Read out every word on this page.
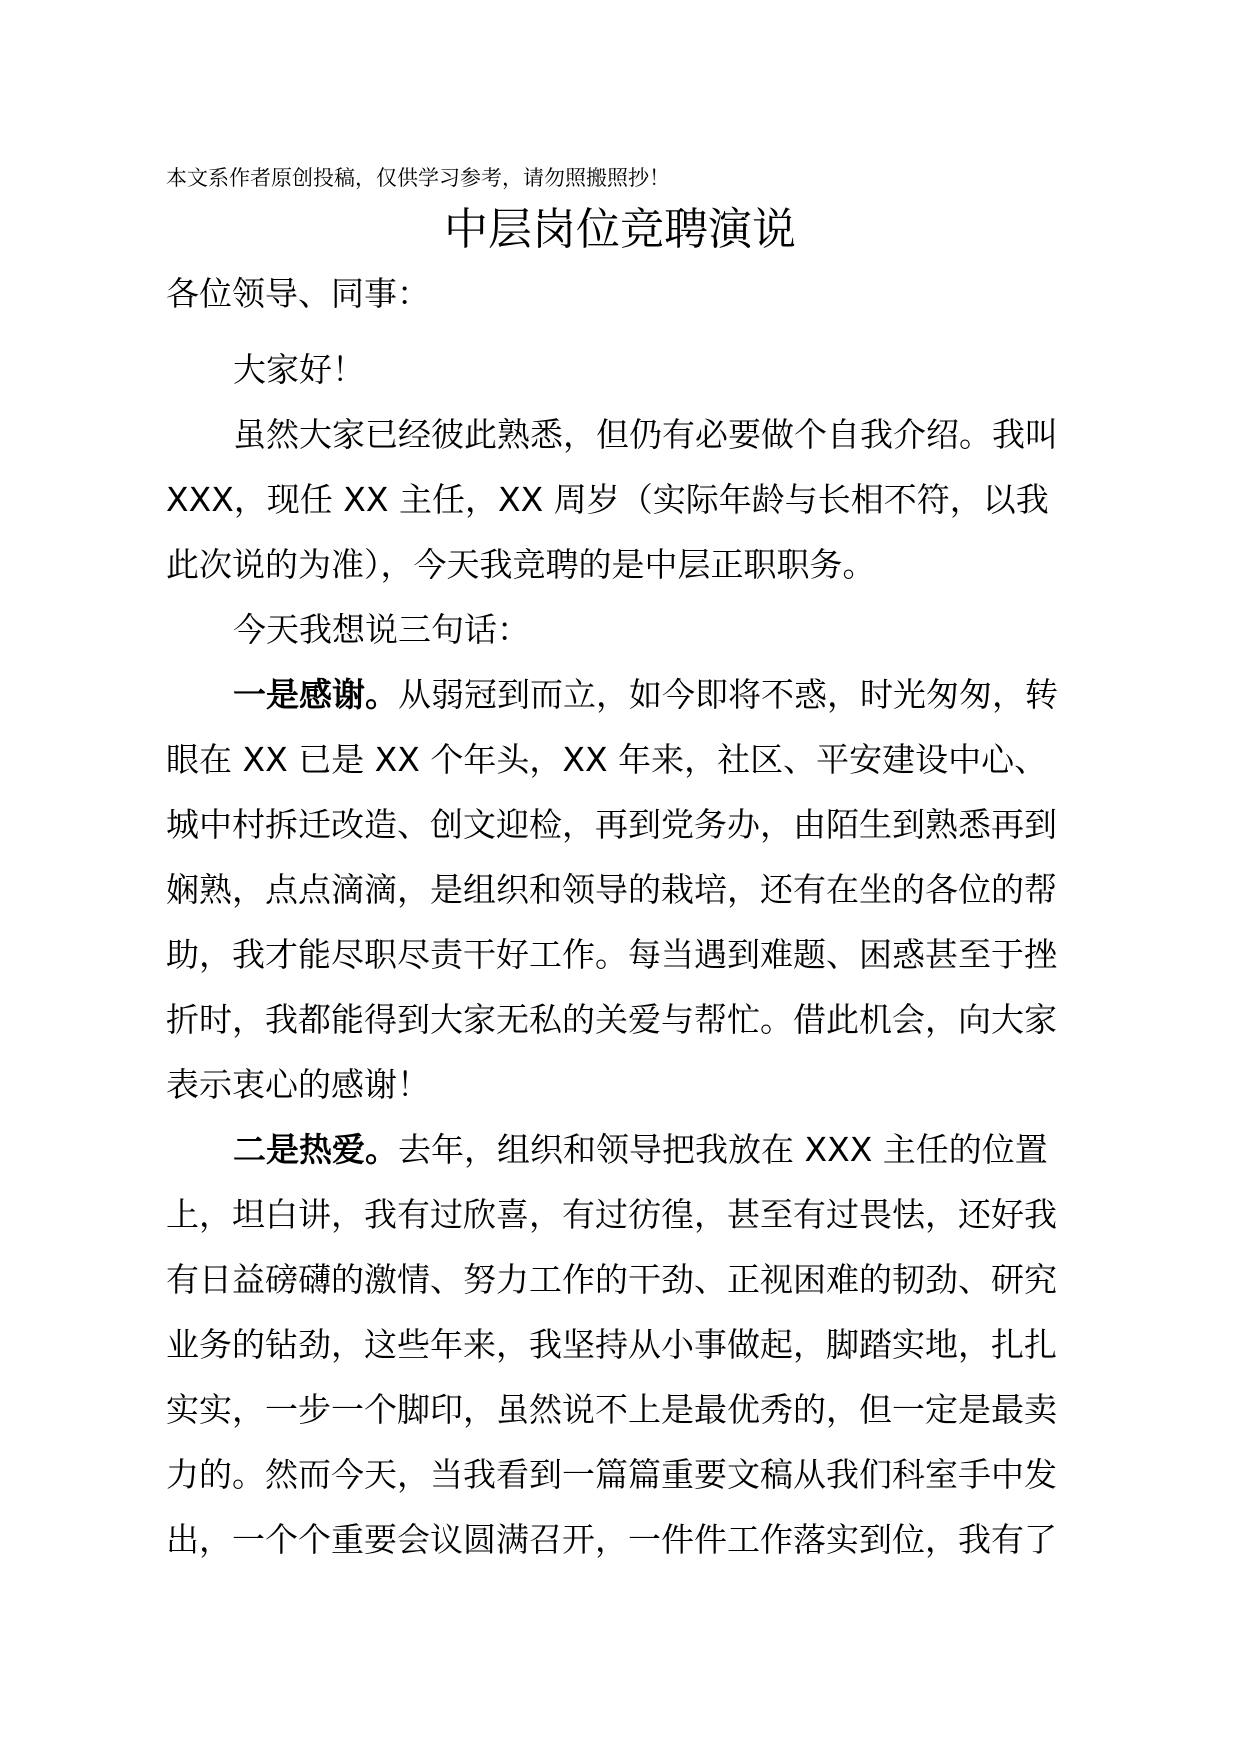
本文系作者原创投稿，仅供学习参考，请勿照搬照抄！
中层岗位竞聘演说
各位领导、同事：

大家好！

虽然大家已经彼此熟悉，但仍有必要做个自我介绍。我叫
XXX，现任 XX 主任，XX 周岁（实际年龄与长相不符，以我
此次说的为准），今天我竞聘的是中层正职职务。

今天我想说三句话：

一是感谢。从弱冠到而立，如今即将不惑，时光匆匆，转
眼在 XX 已是 XX 个年头，XX 年来，社区、平安建设中心、
城中村拆迁改造、创文迎检，再到党务办，由陌生到熟悉再到
娴熟，点点滴滴，是组织和领导的栽培，还有在坐的各位的帮
助，我才能尽职尽责干好工作。每当遇到难题、困惑甚至于挫
折时，我都能得到大家无私的关爱与帮忙。借此机会，向大家
表示衷心的感谢！

二是热爱。去年，组织和领导把我放在 XXX 主任的位置
上，坦白讲，我有过欣喜，有过彷徨，甚至有过畏怯，还好我
有日益磅礴的激情、努力工作的干劲、正视困难的韧劲、研究
业务的钻劲，这些年来，我坚持从小事做起，脚踏实地，扎扎
实实，一步一个脚印，虽然说不上是最优秀的，但一定是最卖
力的。然而今天，当我看到一篇篇重要文稿从我们科室手中发
出，一个个重要会议圆满召开，一件件工作落实到位，我有了
